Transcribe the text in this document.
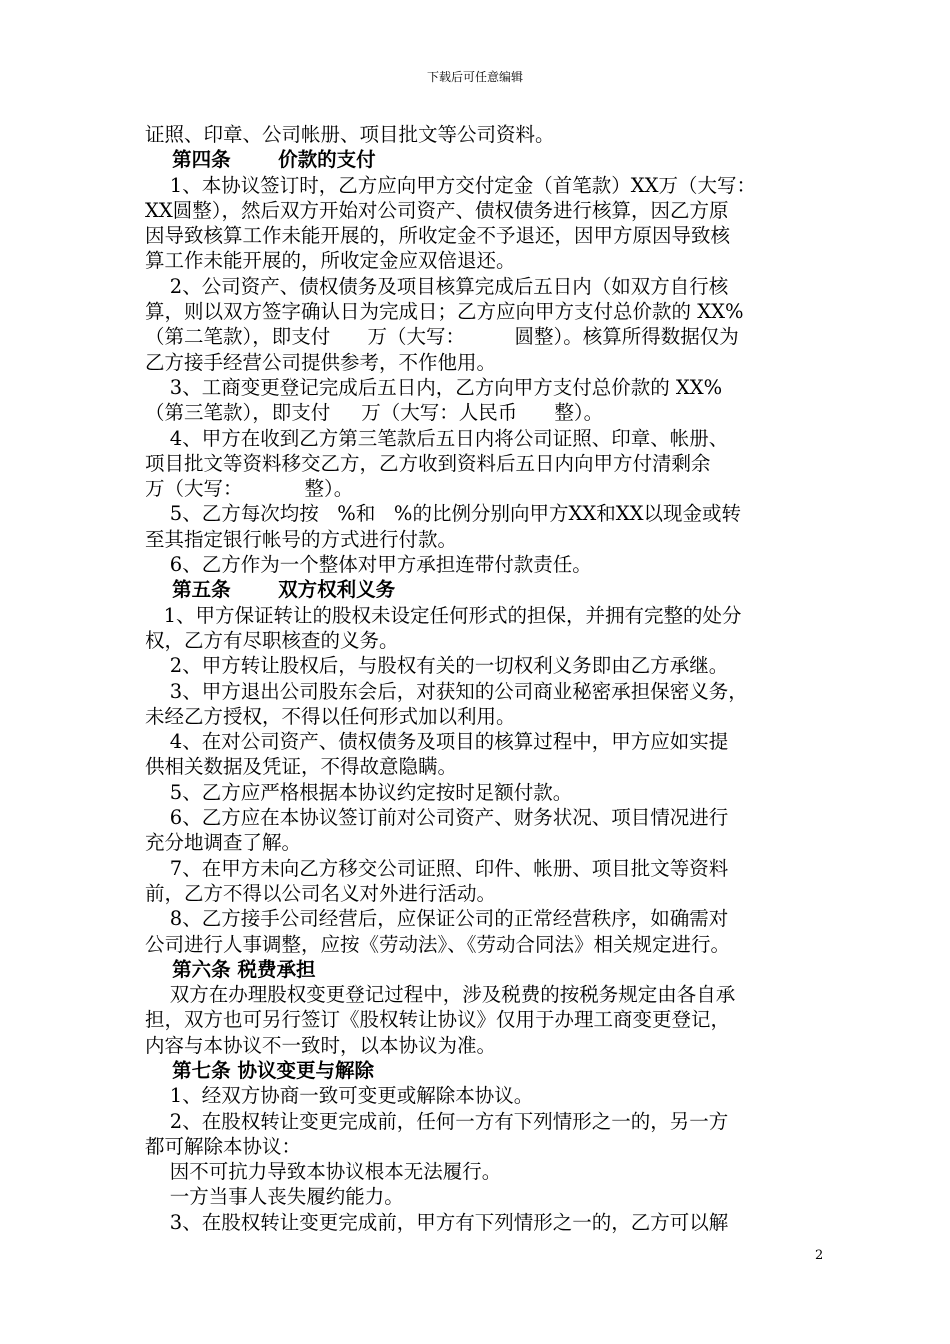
下载后可任意编辑

证照、印章、公司帐册、项目批文等公司资料。

第四条       价款的支付

1、本协议签订时，乙方应向甲方交付定金（首笔款）XX万（大写：

XX圆整），然后双方开始对公司资产、债权债务进行核算，因乙方原

因导致核算工作未能开展的，所收定金不予退还，因甲方原因导致核

算工作未能开展的，所收定金应双倍退还。

2、公司资产、债权债务及项目核算完成后五日内（如双方自行核

算，则以双方签字确认日为完成日；乙方应向甲方支付总价款的 XX%

（第二笔款），即支付      万（大写：        圆整）。核算所得数据仅为

乙方接手经营公司提供参考，不作他用。

3、工商变更登记完成后五日内，乙方向甲方支付总价款的 XX%

（第三笔款），即支付     万（大写：人民币      整）。

4、甲方在收到乙方第三笔款后五日内将公司证照、印章、帐册、

项目批文等资料移交乙方，乙方收到资料后五日内向甲方付清剩余

万（大写：          整）。

5、乙方每次均按   %和   %的比例分别向甲方XX和XX以现金或转

至其指定银行帐号的方式进行付款。

6、乙方作为一个整体对甲方承担连带付款责任。

第五条       双方权利义务

1、甲方保证转让的股权未设定任何形式的担保，并拥有完整的处分

权，乙方有尽职核查的义务。

2、甲方转让股权后，与股权有关的一切权利义务即由乙方承继。

3、甲方退出公司股东会后，对获知的公司商业秘密承担保密义务，

未经乙方授权，不得以任何形式加以利用。

4、在对公司资产、债权债务及项目的核算过程中，甲方应如实提

供相关数据及凭证，不得故意隐瞒。

5、乙方应严格根据本协议约定按时足额付款。

6、乙方应在本协议签订前对公司资产、财务状况、项目情况进行

充分地调查了解。

7、在甲方未向乙方移交公司证照、印件、帐册、项目批文等资料

前，乙方不得以公司名义对外进行活动。

8、乙方接手公司经营后，应保证公司的正常经营秩序，如确需对

公司进行人事调整，应按《劳动法》、《劳动合同法》相关规定进行。

第六条 税费承担

双方在办理股权变更登记过程中，涉及税费的按税务规定由各自承

担，双方也可另行签订《股权转让协议》仅用于办理工商变更登记，

内容与本协议不一致时，以本协议为准。

第七条 协议变更与解除

1、经双方协商一致可变更或解除本协议。

2、在股权转让变更完成前，任何一方有下列情形之一的，另一方

都可解除本协议：

因不可抗力导致本协议根本无法履行。

一方当事人丧失履约能力。

3、在股权转让变更完成前，甲方有下列情形之一的，乙方可以解

2
